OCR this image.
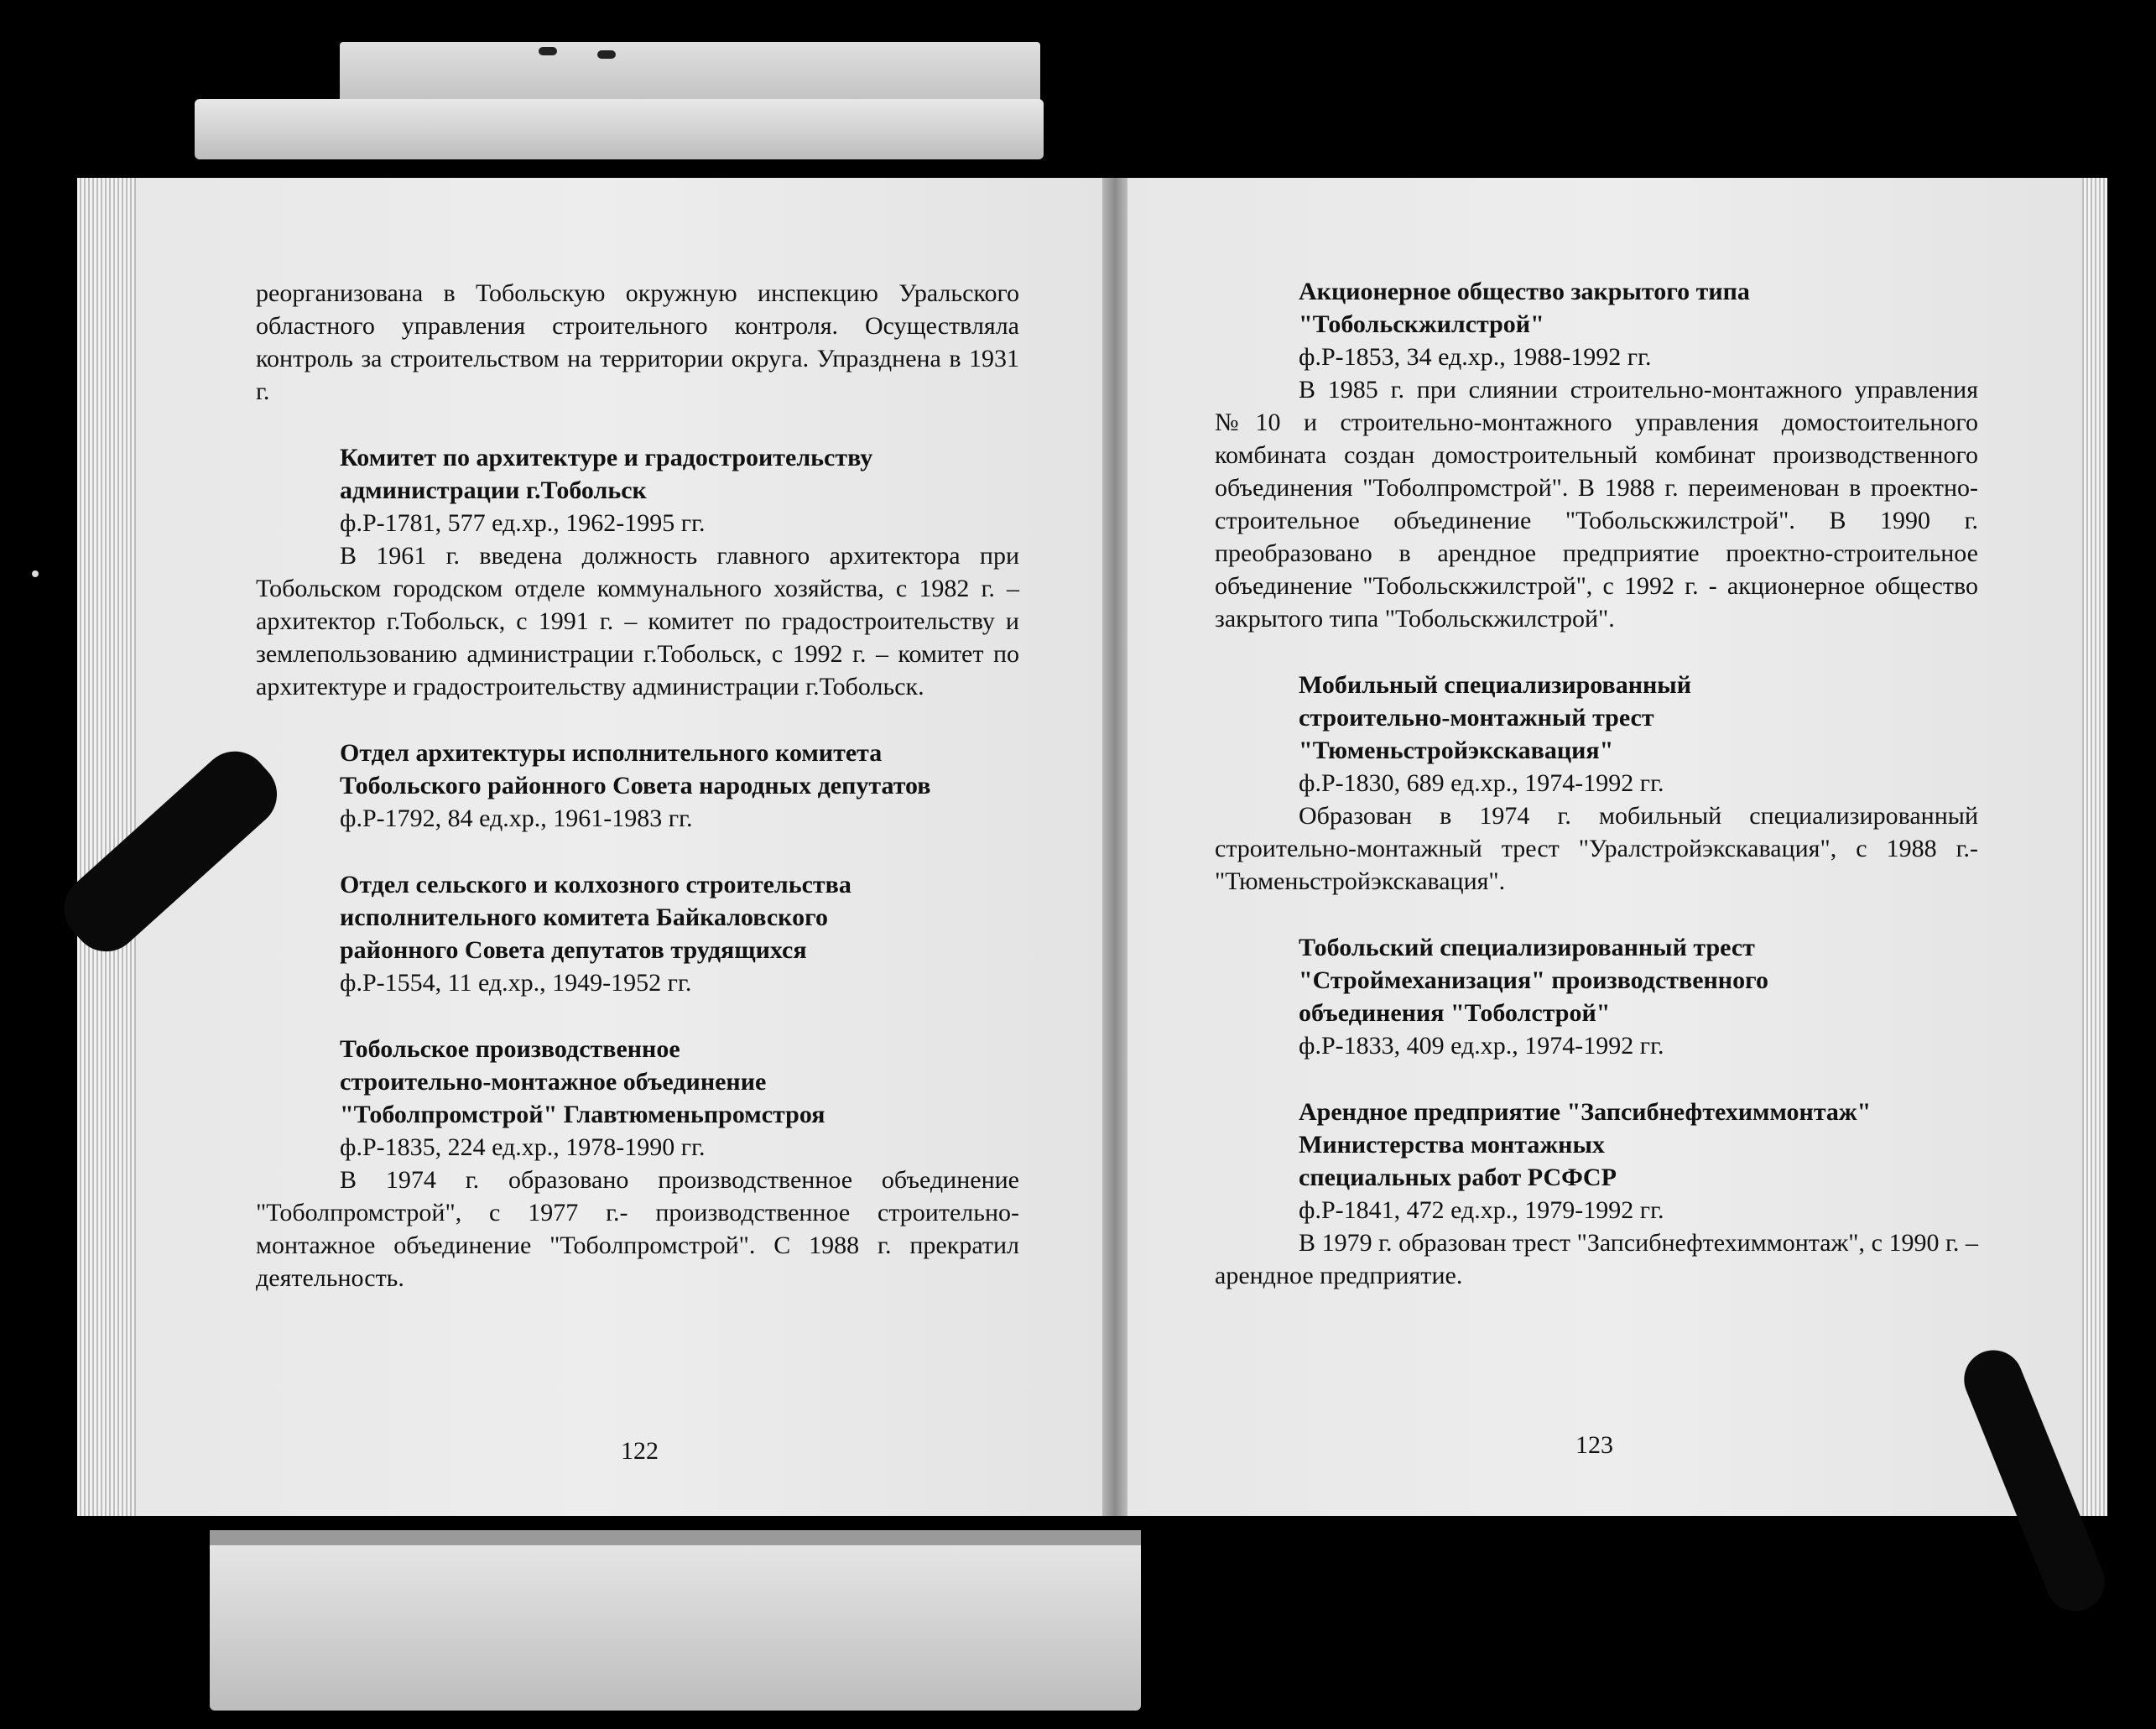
реорганизована в Тобольскую окружную инспекцию Уральского областного управления строительного контроля. Осуществляла контроль за строительством на территории округа. Упразднена в 1931 г.

Комитет по архитектуре и градостроительству
администрации г.Тобольск
ф.Р-1781, 577 ед.хр., 1962-1995 гг.

В 1961 г. введена должность главного архитектора при Тобольском городском отделе коммунального хозяйства, с 1982 г. – архитектор г.Тобольск, с 1991 г. – комитет по градостроительству и землепользованию администрации г.Тобольск, с 1992 г. – комитет по архитектуре и градостроительству администрации г.Тобольск.

Отдел архитектуры исполнительного комитета
Тобольского районного Совета народных депутатов
ф.Р-1792, 84 ед.хр., 1961-1983 гг.
Отдел сельского и колхозного строительства
исполнительного комитета Байкаловского
районного Совета депутатов трудящихся
ф.Р-1554, 11 ед.хр., 1949-1952 гг.
Тобольское производственное
строительно-монтажное объединение
"Тоболпромстрой" Главтюменьпромстроя
ф.Р-1835, 224 ед.хр., 1978-1990 гг.

В 1974 г. образовано производственное объединение "Тоболпромстрой", с 1977 г.- производственное строительно-монтажное объединение "Тоболпромстрой". С 1988 г. прекратил деятельность.

122
Акционерное общество закрытого типа
"Тобольскжилстрой"
ф.Р-1853, 34 ед.хр., 1988-1992 гг.

В 1985 г. при слиянии строительно-монтажного управления №10 и строительно-монтажного управления домостоительного комбината создан домостроительный комбинат производственного объединения "Тоболпромстрой". В 1988 г. переименован в проектно-строительное объединение "Тобольскжилстрой". В 1990 г. преобразовано в арендное предприятие проектно-строительное объединение "Тобольскжилстрой", с 1992 г. - акционерное общество закрытого типа "Тобольскжилстрой".

Мобильный специализированный
строительно-монтажный трест
"Тюменьстройэкскавация"
ф.Р-1830, 689 ед.хр., 1974-1992 гг.

Образован в 1974 г. мобильный специализированный строительно-монтажный трест "Уралстройэкскавация", с 1988 г.- "Тюменьстройэкскавация".

Тобольский специализированный трест
"Строймеханизация" производственного
объединения "Тоболстрой"
ф.Р-1833, 409 ед.хр., 1974-1992 гг.
Арендное предприятие "Запсибнефтехиммонтаж"
Министерства монтажных
специальных работ РСФСР
ф.Р-1841, 472 ед.хр., 1979-1992 гг.

В 1979 г. образован трест "Запсибнефтехиммонтаж", с 1990 г. – арендное предприятие.

123
